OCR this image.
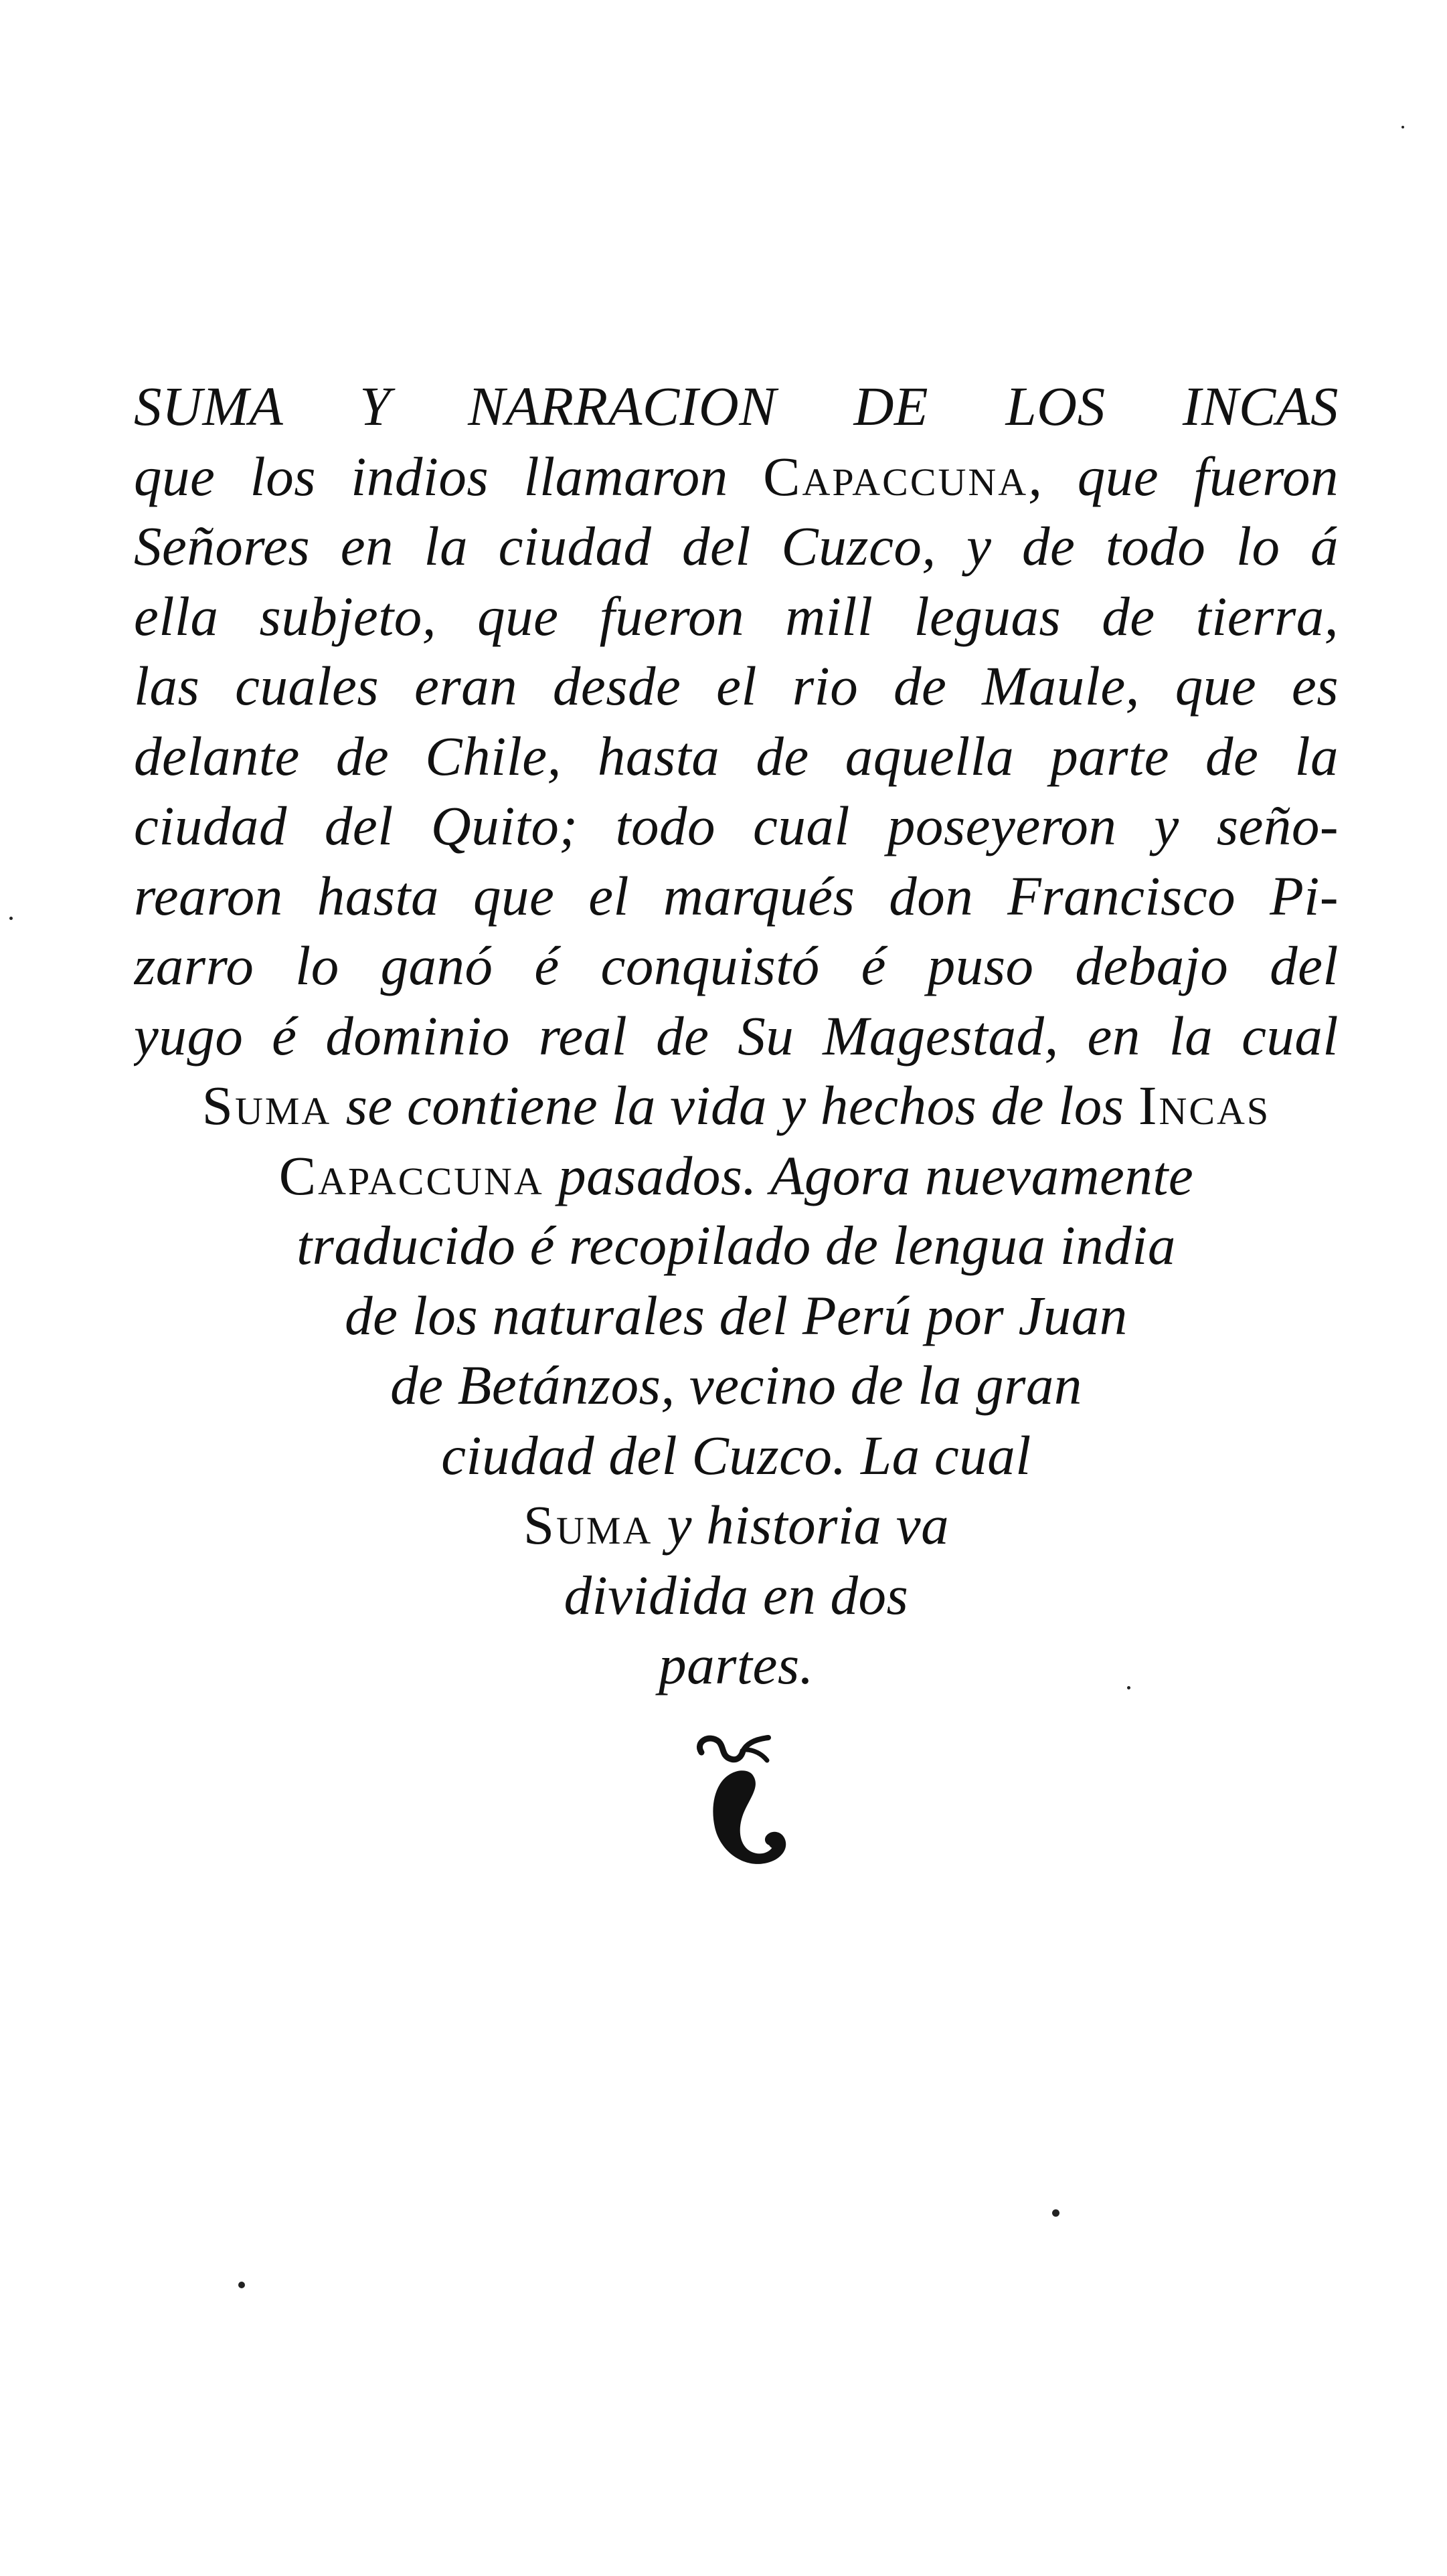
SUMA Y NARRACION DE LOS INCAS
que los indios llamaron Capaccuna, que fueron
Señores en la ciudad del Cuzco, y de todo lo á
ella subjeto, que fueron mill leguas de tierra,
las cuales eran desde el rio de Maule, que es
delante de Chile, hasta de aquella parte de la
ciudad del Quito; todo cual poseyeron y seño-
rearon hasta que el marqués don Francisco Pi-
zarro lo ganó é conquistó é puso debajo del
yugo é dominio real de Su Magestad, en la cual
Suma se contiene la vida y hechos de los Incas
Capaccuna pasados. Agora nuevamente
traducido é recopilado de lengua india
de los naturales del Perú por Juan
de Betánzos, vecino de la gran
ciudad del Cuzco. La cual
Suma y historia va
dividida en dos
partes.
